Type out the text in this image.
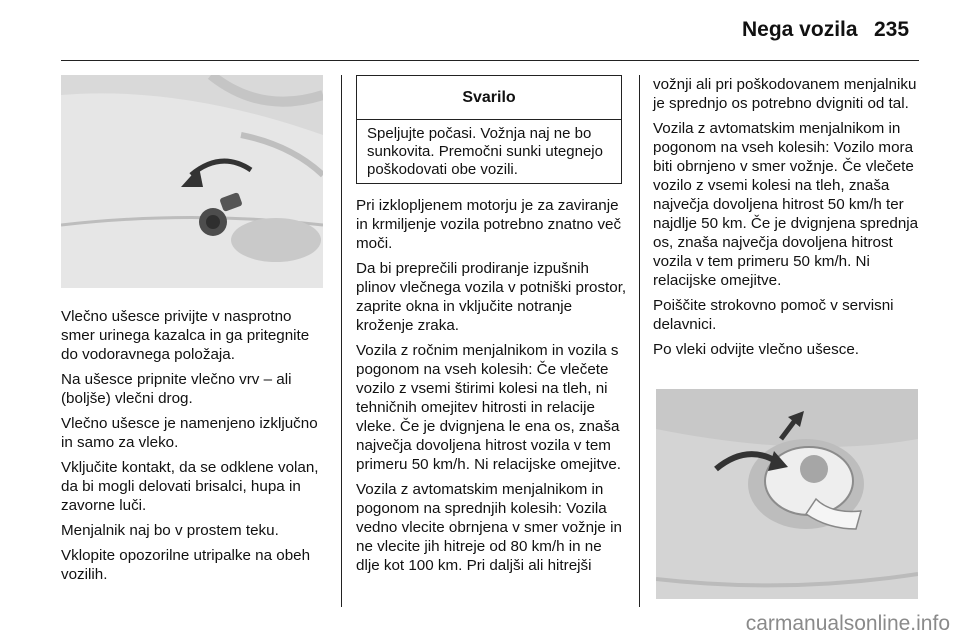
Nega vozila 235

Vlečno ušesce privijte v nasprotno smer urinega kazalca in ga pritegnite do vodoravnega položaja.

Na ušesce pripnite vlečno vrv – ali (boljše) vlečni drog.

Vlečno ušesce je namenjeno izključno in samo za vleko.

Vključite kontakt, da se odklene volan, da bi mogli delovati brisalci, hupa in zavorne luči.

Menjalnik naj bo v prostem teku.

Vklopite opozorilne utripalke na obeh vozilih.

Svarilo
Speljujte počasi. Vožnja naj ne bo sunkovita. Premočni sunki utegnejo poškodovati obe vozili.

Pri izklopljenem motorju je za zaviranje in krmiljenje vozila potrebno znatno več moči.

Da bi preprečili prodiranje izpušnih plinov vlečnega vozila v potniški prostor, zaprite okna in vključite notranje kroženje zraka.

Vozila z ročnim menjalnikom in vozila s pogonom na vseh kolesih: Če vlečete vozilo z vsemi štirimi kolesi na tleh, ni tehničnih omejitev hitrosti in relacije vleke. Če je dvignjena le ena os, znaša največja dovoljena hitrost vozila v tem primeru 50 km/h. Ni relacijske omejitve.

Vozila z avtomatskim menjalnikom in pogonom na sprednjih kolesih: Vozila vedno vlecite obrnjena v smer vožnje in ne vlecite jih hitreje od 80 km/h in ne dlje kot 100 km. Pri daljši ali hitrejši

vožnji ali pri poškodovanem menjalniku je sprednjo os potrebno dvigniti od tal.

Vozila z avtomatskim menjalnikom in pogonom na vseh kolesih: Vozilo mora biti obrnjeno v smer vožnje. Če vlečete vozilo z vsemi kolesi na tleh, znaša največja dovoljena hitrost 50 km/h ter najdlje 50 km. Če je dvignjena sprednja os, znaša največja dovoljena hitrost vozila v tem primeru 50 km/h. Ni relacijske omejitve.

Poiščite strokovno pomoč v servisni delavnici.

Po vleki odvijte vlečno ušesce.

carmanualsonline.info
